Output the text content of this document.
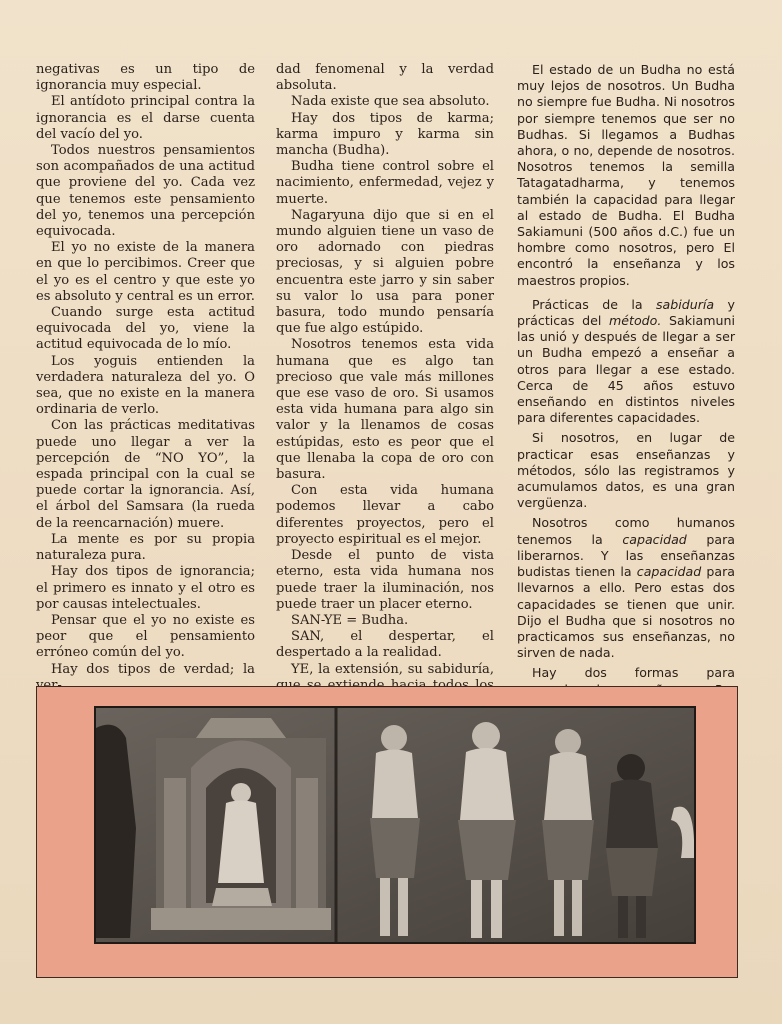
negativas es un tipo de ignorancia muy especial.

El antídoto principal contra la ignorancia es el darse cuenta del vacío del yo.

Todos nuestros pensamientos son acompañados de una actitud que proviene del yo. Cada vez que tenemos este pensamiento del yo, tenemos una percepción equivocada.

El yo no existe de la manera en que lo percibimos. Creer que el yo es el centro y que este yo es absoluto y central es un error.

Cuando surge esta actitud equivocada del yo, viene la actitud equivocada de lo mío.

Los yoguis entienden la verdadera naturaleza del yo. O sea, que no existe en la manera ordinaria de verlo.

Con las prácticas meditativas puede uno llegar a ver la percepción de “NO YO”, la espada principal con la cual se puede cortar la ignorancia. Así, el árbol del Samsara (la rueda de la reencarnación) muere.

La mente es por su propia naturaleza pura.

Hay dos tipos de ignorancia; el primero es innato y el otro es por causas intelectuales.

Pensar que el yo no existe es peor que el pensamiento erróneo común del yo.

Hay dos tipos de verdad; la

dad fenomenal y la verdad absoluta.

Nada existe que sea absoluto.

Hay dos tipos de karma; karma impuro y karma sin mancha (Budha).

Budha tiene control sobre el nacimiento, enfermedad, vejez y muerte.

Nagaryuna dijo que si en el mundo alguien tiene un vaso de oro adornado con piedras preciosas, y si alguien pobre encuentra este jarro y sin saber su valor lo usa para poner basura, todo mundo pensaría que fue algo estúpido.

Nosotros tenemos esta vida humana que es algo tan precioso que vale más millones que ese vaso de oro. Si usamos esta vida humana para algo sin valor y la llenamos de cosas estúpidas, esto es peor que el que llenaba la copa de oro con basura.

Con esta vida humana podemos llevar a cabo diferentes proyectos, pero el proyecto espiritual es el mejor.

Desde el punto de vista eterno, esta vida humana nos puede traer la iluminación, nos puede traer un placer eterno.

SAN-YE = Budha.

SAN, el despertar, el despertado a la realidad.

YE, la extensión, su sabiduría,

El estado de un Budha no está muy lejos de nosotros. Un Budha no siempre fue Budha. Ni nosotros por siempre tenemos que ser no Budhas. Si llegamos a Budhas ahora, o no, depende de nosotros. Nosotros tenemos la semilla Tatagatadharma, y tenemos también la capacidad para llegar al estado de Budha. El Budha Sakiamuni (500 años d.C.) fue un hombre como nosotros, pero El encontró la enseñanza y los maestros propios.

Prácticas de la sabiduría y prácticas del método. Sakiamuni las unió y después de llegar a ser un Budha empezó a enseñar a otros para llegar a ese estado. Cerca de 45 años estuvo enseñando en distintos niveles para diferentes capacidades.

Si nosotros, en lugar de practicar esas enseñanzas y métodos, sólo las registramos y acumulamos datos, es una gran vergüenza.

Nosotros como humanos tenemos la capacidad para liberarnos. Y las enseñanzas budistas tienen la capacidad para llevarnos a ello. Pero estas dos capacidades se tienen que unir. Dijo el Budha que si nosotros no practicamos sus enseñanzas, no sirven de nada.

Hay dos formas para
